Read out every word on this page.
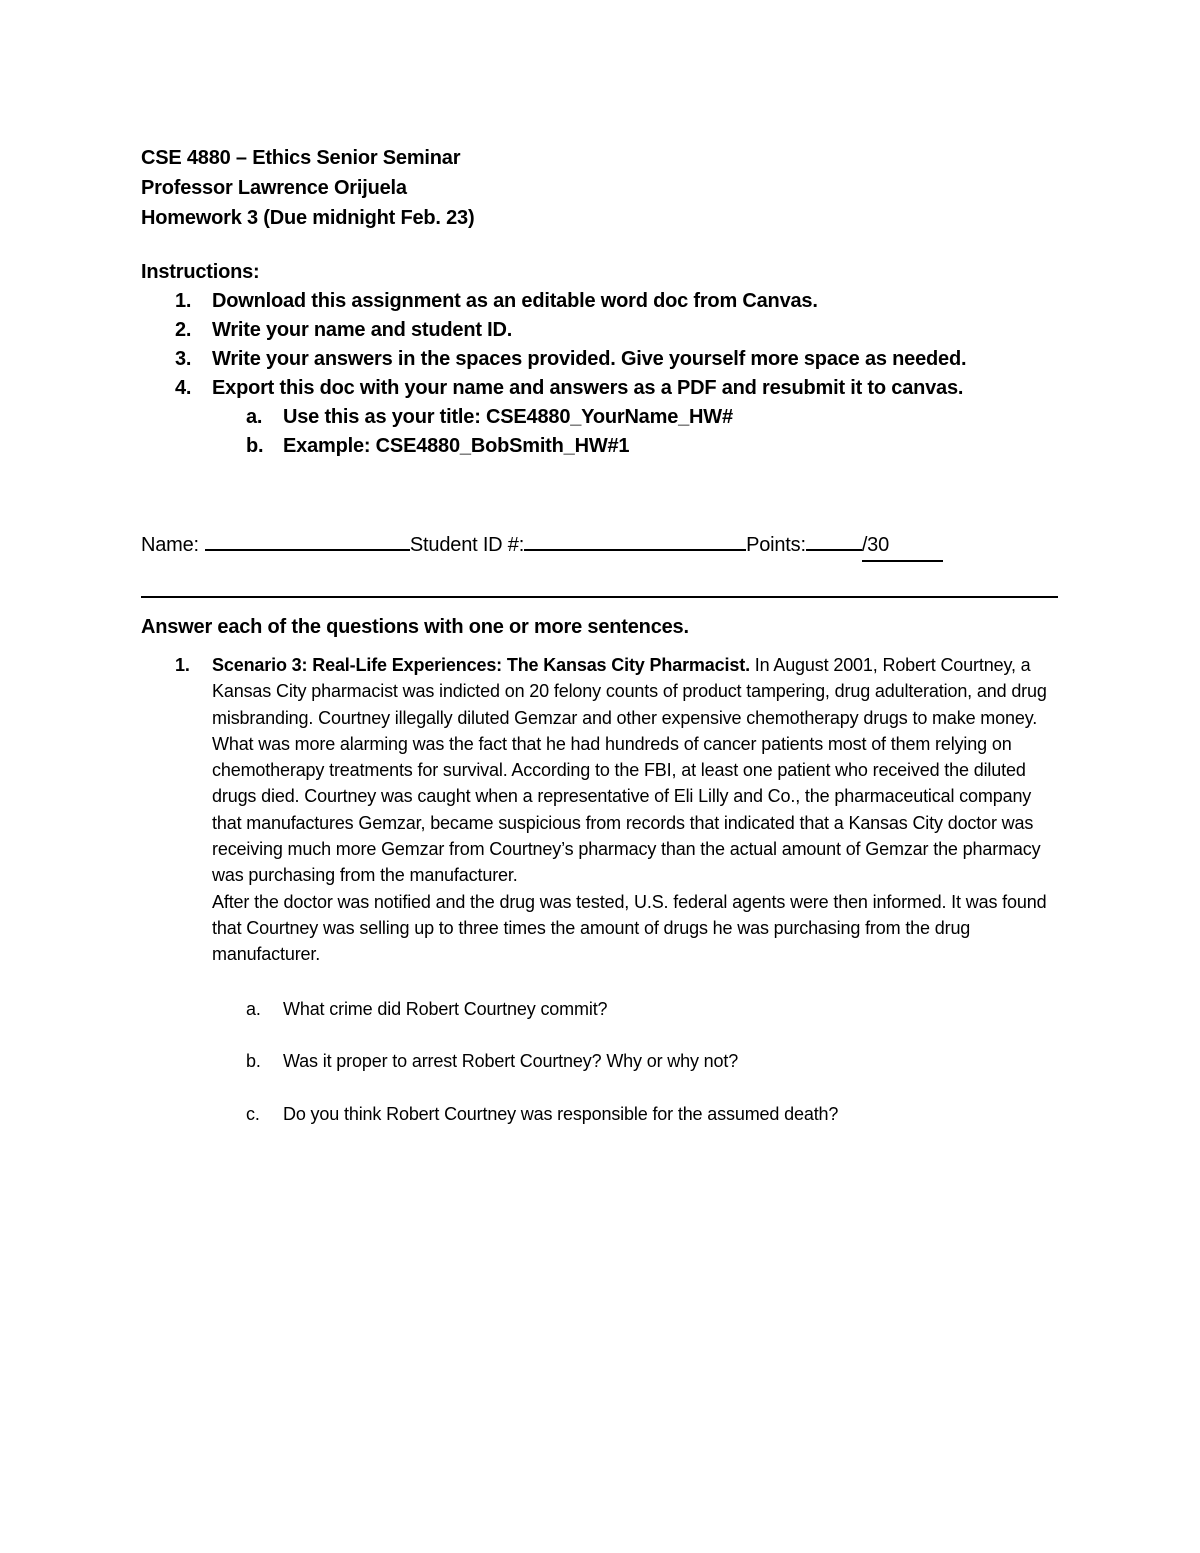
CSE 4880 – Ethics Senior Seminar
Professor Lawrence Orijuela
Homework 3 (Due midnight Feb. 23)
Instructions:
1. Download this assignment as an editable word doc from Canvas.
2. Write your name and student ID.
3. Write your answers in the spaces provided. Give yourself more space as needed.
4. Export this doc with your name and answers as a PDF and resubmit it to canvas.
a. Use this as your title: CSE4880_YourName_HW#
b. Example: CSE4880_BobSmith_HW#1
Name:	Student ID #:	Points:	/30
Answer each of the questions with one or more sentences.
1. Scenario 3: Real-Life Experiences: The Kansas City Pharmacist. In August 2001, Robert Courtney, a Kansas City pharmacist was indicted on 20 felony counts of product tampering, drug adulteration, and drug misbranding. Courtney illegally diluted Gemzar and other expensive chemotherapy drugs to make money. What was more alarming was the fact that he had hundreds of cancer patients most of them relying on chemotherapy treatments for survival. According to the FBI, at least one patient who received the diluted drugs died. Courtney was caught when a representative of Eli Lilly and Co., the pharmaceutical company that manufactures Gemzar, became suspicious from records that indicated that a Kansas City doctor was receiving much more Gemzar from Courtney’s pharmacy than the actual amount of Gemzar the pharmacy was purchasing from the manufacturer.

After the doctor was notified and the drug was tested, U.S. federal agents were then informed. It was found that Courtney was selling up to three times the amount of drugs he was purchasing from the drug manufacturer.

a. What crime did Robert Courtney commit?
b. Was it proper to arrest Robert Courtney? Why or why not?
c. Do you think Robert Courtney was responsible for the assumed death?
